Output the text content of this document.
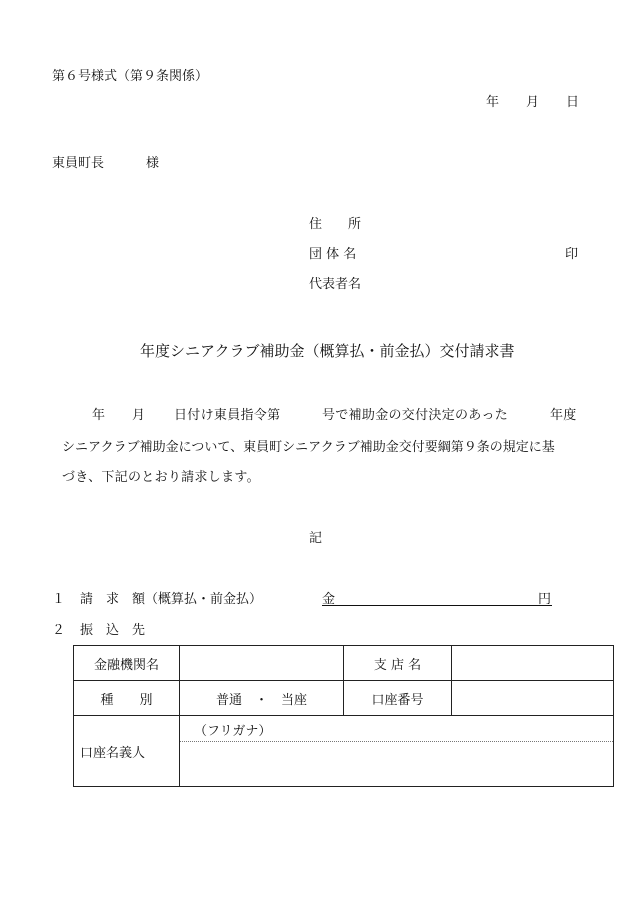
第６号様式（第９条関係）
年 月 日
東員町長	様
住　　所
団 体 名	印
代表者名
年度シニアクラブ補助金（概算払・前金払）交付請求書
年 月 日付け東員指令第	号で補助金の交付決定のあった	年度
シニアクラブ補助金について、東員町シニアクラブ補助金交付要綱第９条の規定に基
づき、下記のとおり請求します。
記
１ 請　求　額（概算払・前金払）	金	円
２ 振　込　先
金融機関名		支 店 名	
種　　別	普通　・　当座	口座番号	
口座名義人	（フリガナ）		
